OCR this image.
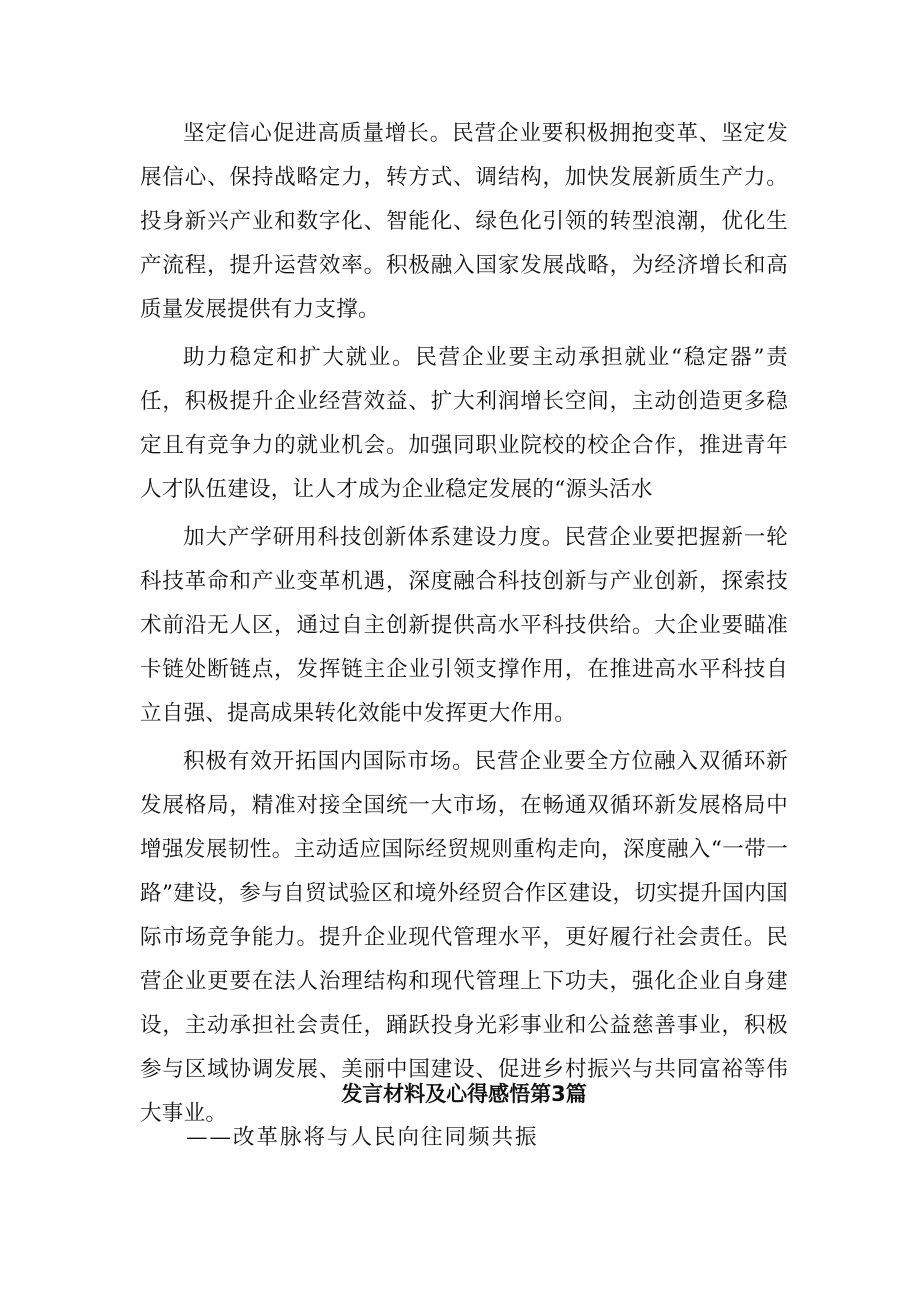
坚定信心促进高质量增长。民营企业要积极拥抱变革、坚定发展信心、保持战略定力，转方式、调结构，加快发展新质生产力。投身新兴产业和数字化、智能化、绿色化引领的转型浪潮，优化生产流程，提升运营效率。积极融入国家发展战略，为经济增长和高质量发展提供有力支撑。

助力稳定和扩大就业。民营企业要主动承担就业“稳定器”责任，积极提升企业经营效益、扩大利润增长空间，主动创造更多稳定且有竞争力的就业机会。加强同职业院校的校企合作，推进青年人才队伍建设，让人才成为企业稳定发展的“源头活水

加大产学研用科技创新体系建设力度。民营企业要把握新一轮科技革命和产业变革机遇，深度融合科技创新与产业创新，探索技术前沿无人区，通过自主创新提供高水平科技供给。大企业要瞄准卡链处断链点，发挥链主企业引领支撑作用，在推进高水平科技自立自强、提高成果转化效能中发挥更大作用。

积极有效开拓国内国际市场。民营企业要全方位融入双循环新发展格局，精准对接全国统一大市场，在畅通双循环新发展格局中增强发展韧性。主动适应国际经贸规则重构走向，深度融入“一带一路”建设，参与自贸试验区和境外经贸合作区建设，切实提升国内国际市场竞争能力。提升企业现代管理水平，更好履行社会责任。民营企业更要在法人治理结构和现代管理上下功夫，强化企业自身建设，主动承担社会责任，踊跃投身光彩事业和公益慈善事业，积极参与区域协调发展、美丽中国建设、促进乡村振兴与共同富裕等伟大事业。

发言材料及心得感悟第3篇

——改革脉将与人民向往同频共振
